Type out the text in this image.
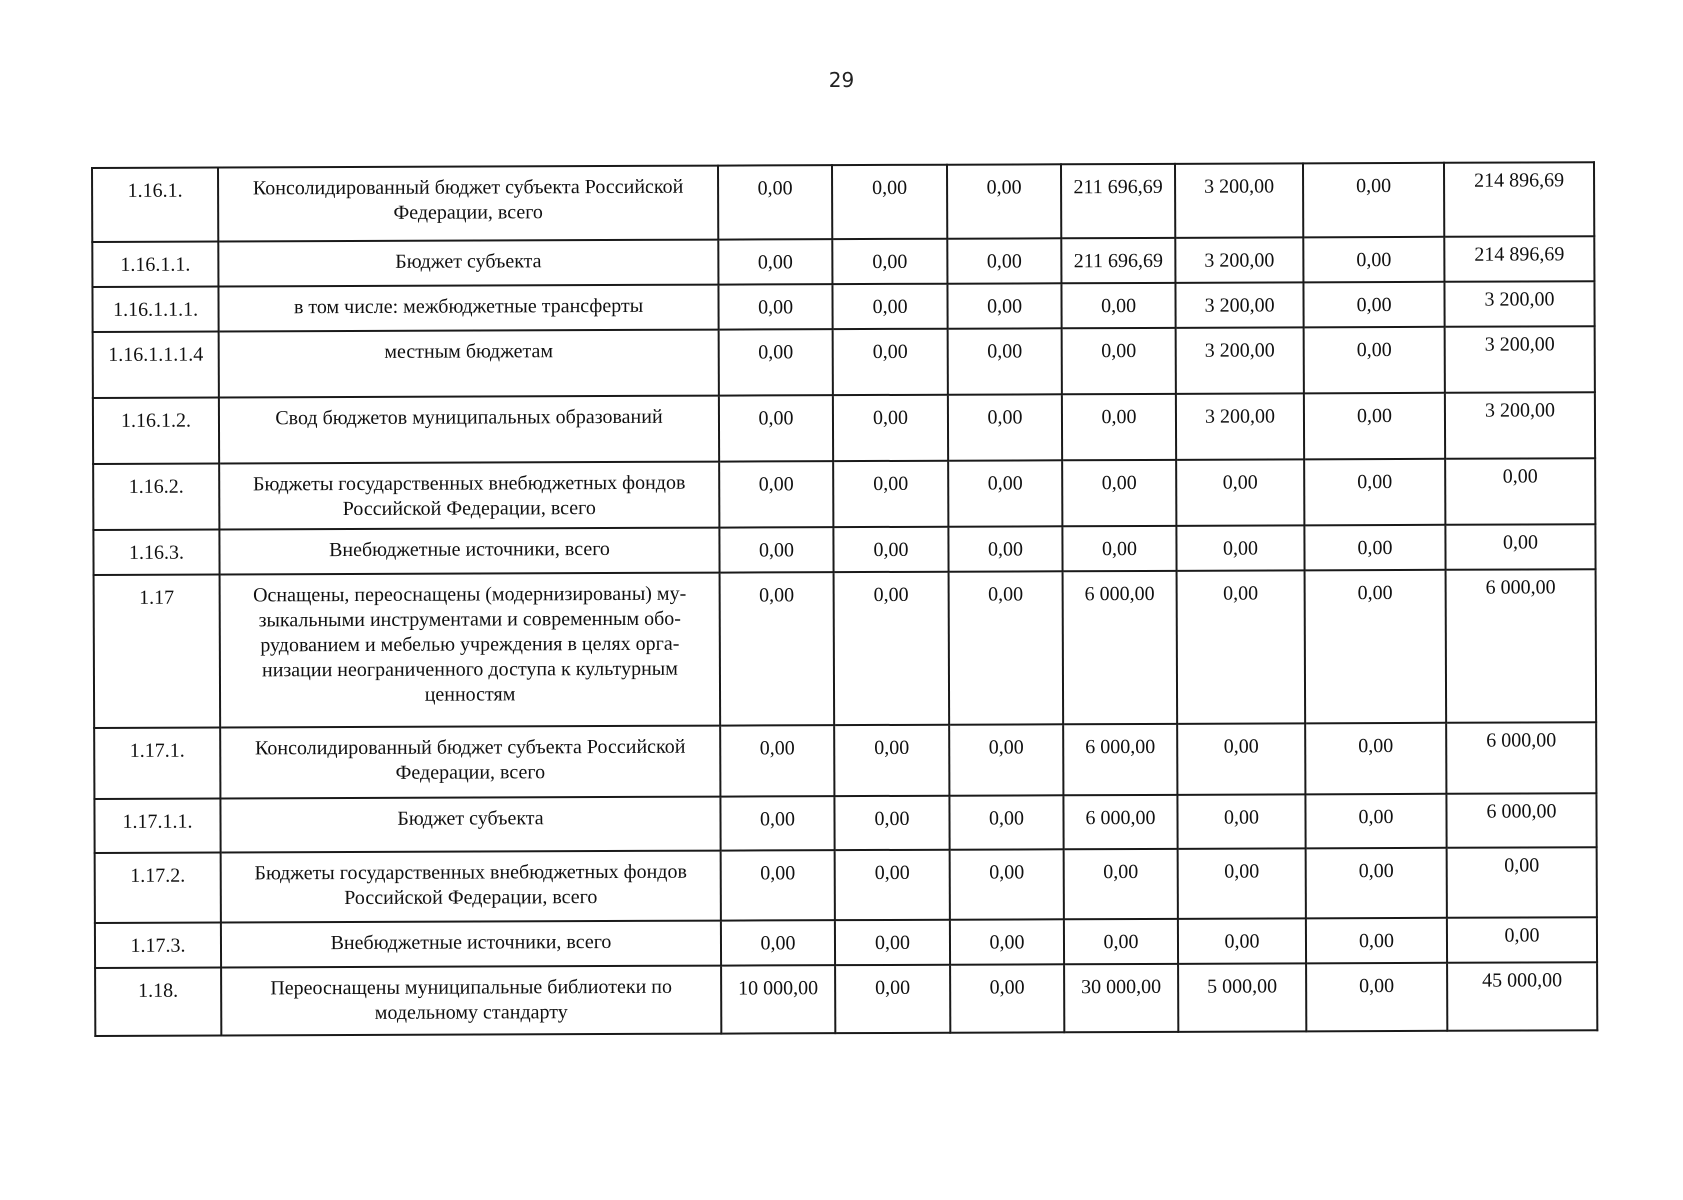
29
1.16.1.	Консолидированный бюджет субъекта Российской Федерации, всего	0,00	0,00	0,00	211 696,69	3 200,00	0,00	214 896,69
1.16.1.1.	Бюджет субъекта	0,00	0,00	0,00	211 696,69	3 200,00	0,00	214 896,69
1.16.1.1.1.	в том числе: межбюджетные трансферты	0,00	0,00	0,00	0,00	3 200,00	0,00	3 200,00
1.16.1.1.1.4	местным бюджетам	0,00	0,00	0,00	0,00	3 200,00	0,00	3 200,00
1.16.1.2.	Свод бюджетов муниципальных образований	0,00	0,00	0,00	0,00	3 200,00	0,00	3 200,00
1.16.2.	Бюджеты государственных внебюджетных фондов Российской Федерации, всего	0,00	0,00	0,00	0,00	0,00	0,00	0,00
1.16.3.	Внебюджетные источники, всего	0,00	0,00	0,00	0,00	0,00	0,00	0,00
1.17	Оснащены, переоснащены (модернизированы) му-зыкальными инструментами и современным обо-рудованием и мебелью учреждения в целях орга-низации неограниченного доступа к культурным ценностям	0,00	0,00	0,00	6 000,00	0,00	0,00	6 000,00
1.17.1.	Консолидированный бюджет субъекта Российской Федерации, всего	0,00	0,00	0,00	6 000,00	0,00	0,00	6 000,00
1.17.1.1.	Бюджет субъекта	0,00	0,00	0,00	6 000,00	0,00	0,00	6 000,00
1.17.2.	Бюджеты государственных внебюджетных фондов Российской Федерации, всего	0,00	0,00	0,00	0,00	0,00	0,00	0,00
1.17.3.	Внебюджетные источники, всего	0,00	0,00	0,00	0,00	0,00	0,00	0,00
1.18.	Переоснащены муниципальные библиотеки по модельному стандарту	10 000,00	0,00	0,00	30 000,00	5 000,00	0,00	45 000,00
